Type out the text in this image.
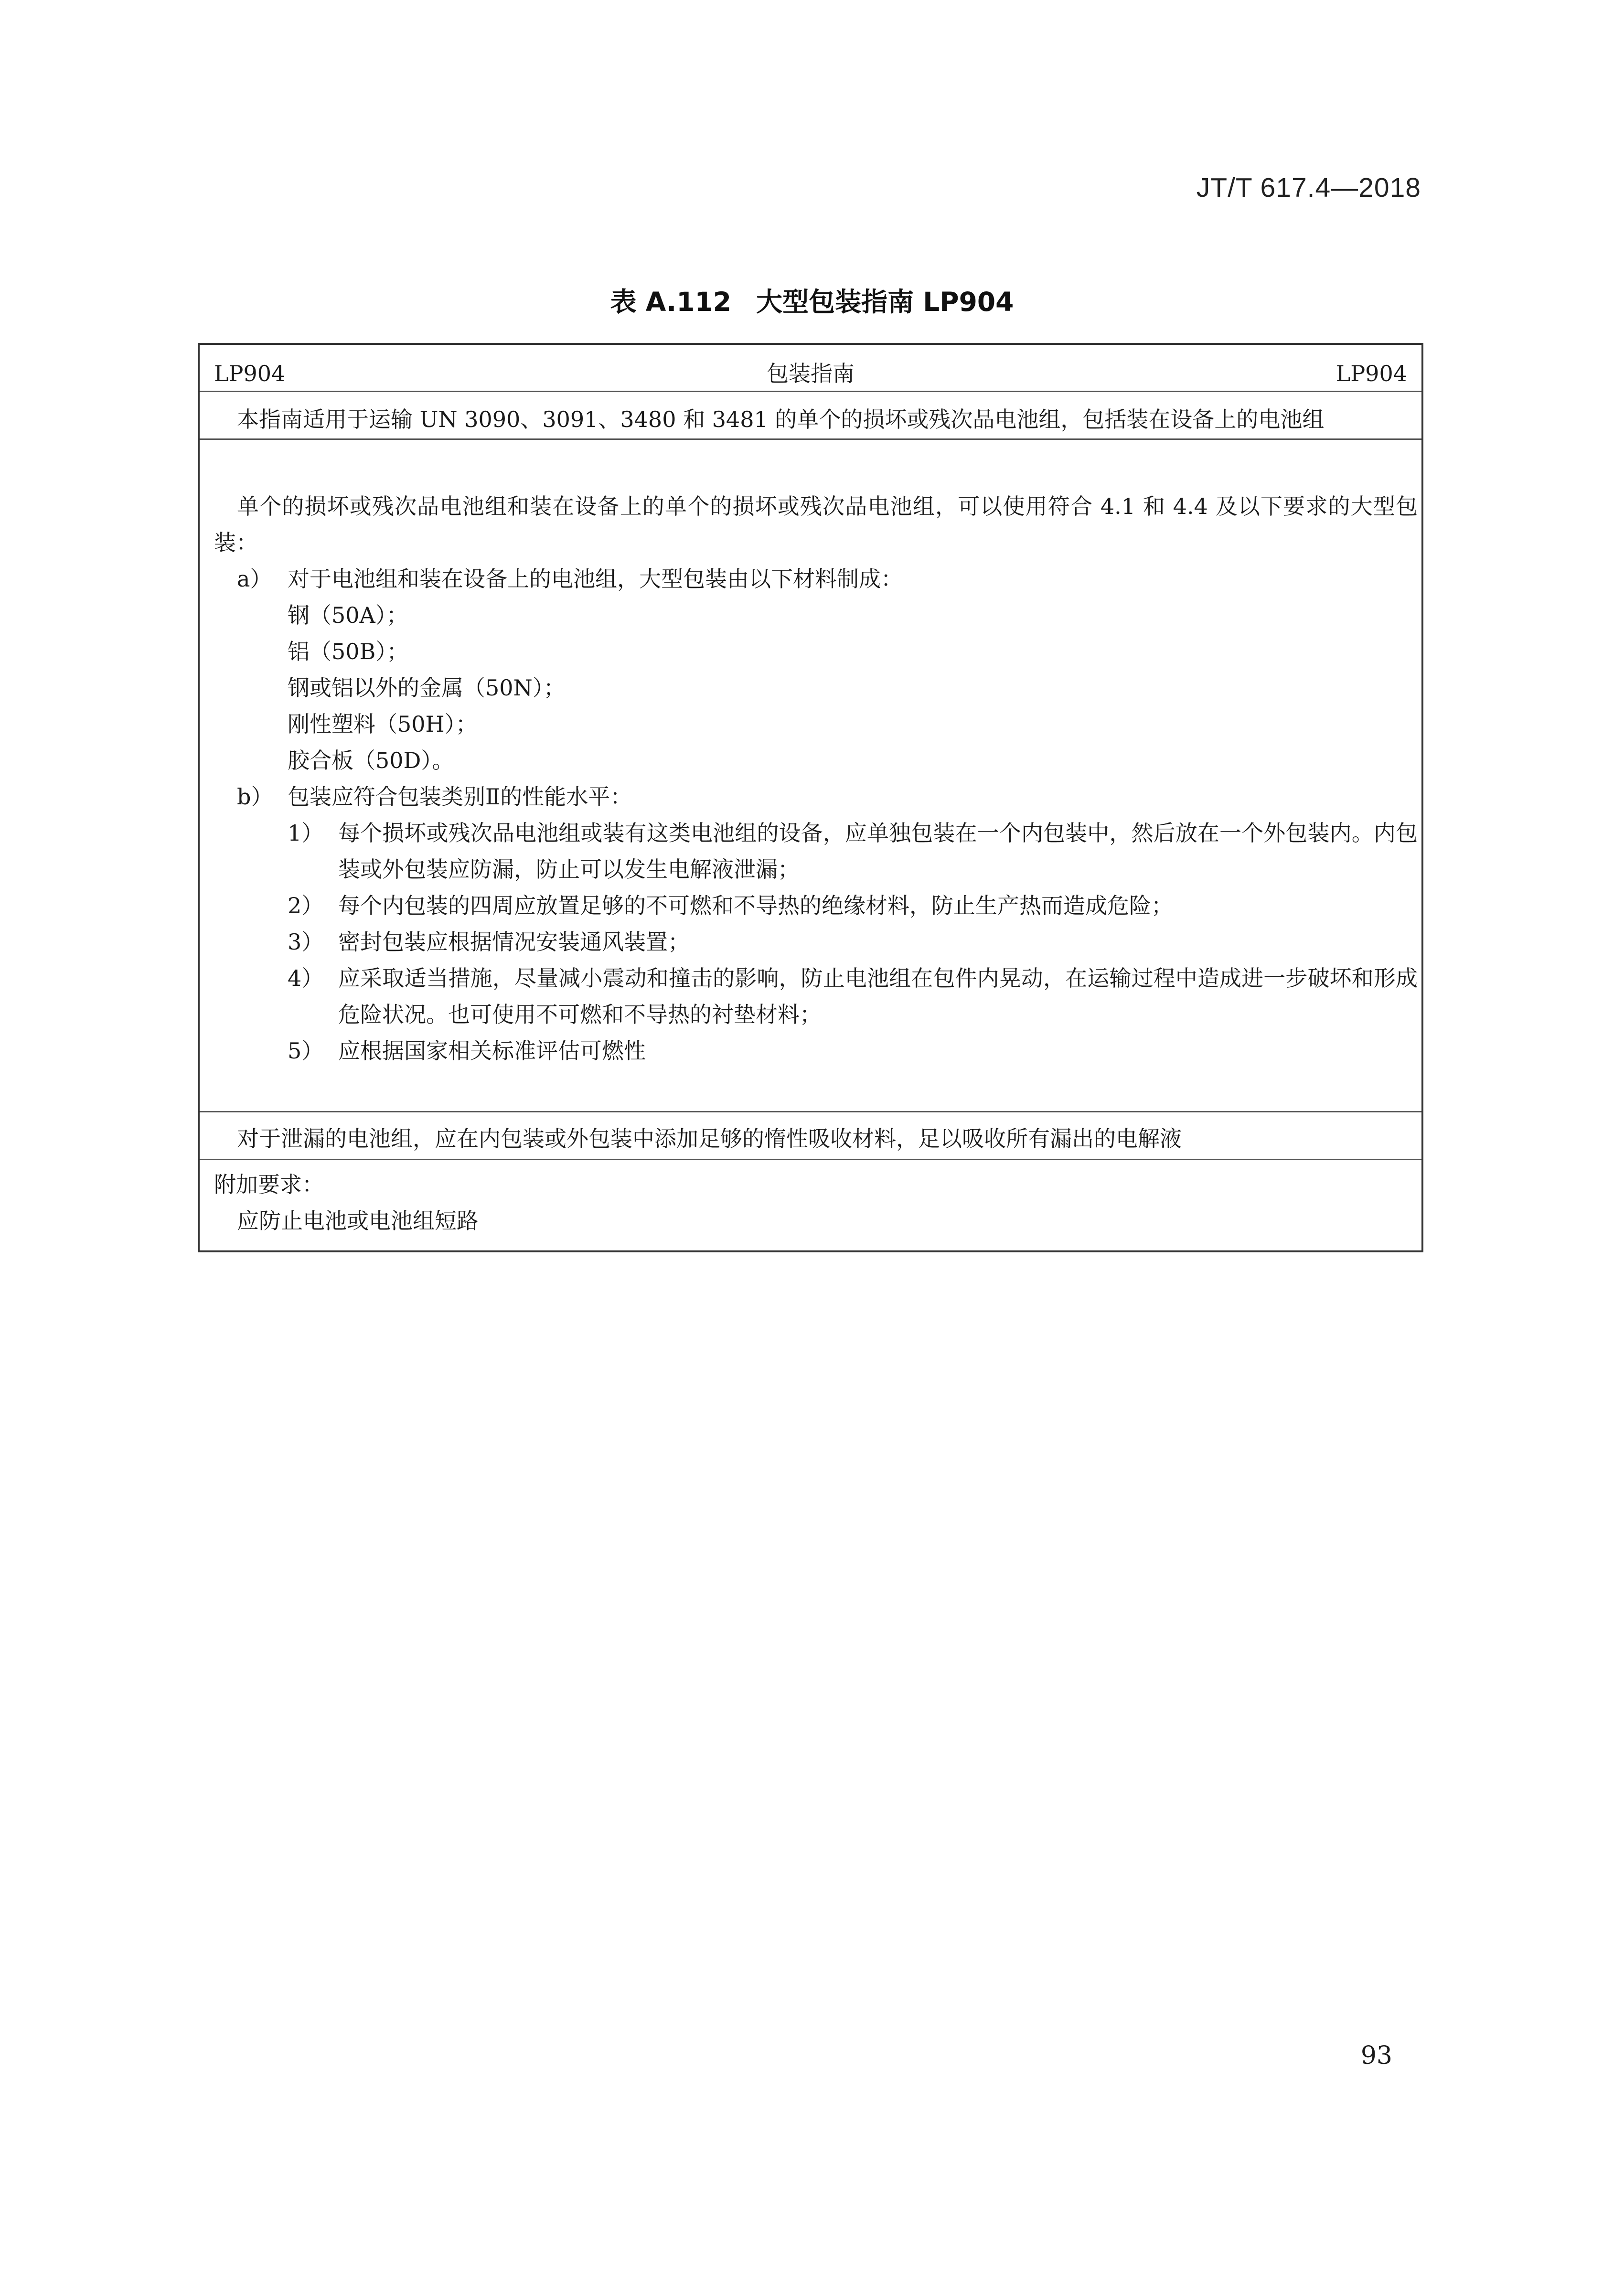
JT/T 617.4—2018
表 A.112 大型包装指南 LP904
LP904	包装指南	LP904
本指南适用于运输 UN 3090、3091、3480 和 3481 的单个的损坏或残次品电池组，包括装在设备上的电池组
单个的损坏或残次品电池组和装在设备上的单个的损坏或残次品电池组，可以使用符合 4.1 和 4.4 及以下要求的大型包装：
a） 对于电池组和装在设备上的电池组，大型包装由以下材料制成：
钢（50A）；
铝（50B）；
钢或铝以外的金属（50N）；
刚性塑料（50H）；
胶合板（50D）。
b） 包装应符合包装类别Ⅱ的性能水平：
1） 每个损坏或残次品电池组或装有这类电池组的设备，应单独包装在一个内包装中，然后放在一个外包装内。内包装或外包装应防漏，防止可以发生电解液泄漏；
2） 每个内包装的四周应放置足够的不可燃和不导热的绝缘材料，防止生产热而造成危险；
3） 密封包装应根据情况安装通风装置；
4） 应采取适当措施，尽量减小震动和撞击的影响，防止电池组在包件内晃动，在运输过程中造成进一步破坏和形成危险状况。也可使用不可燃和不导热的衬垫材料；
5） 应根据国家相关标准评估可燃性
对于泄漏的电池组，应在内包装或外包装中添加足够的惰性吸收材料，足以吸收所有漏出的电解液
附加要求：
应防止电池或电池组短路
93
